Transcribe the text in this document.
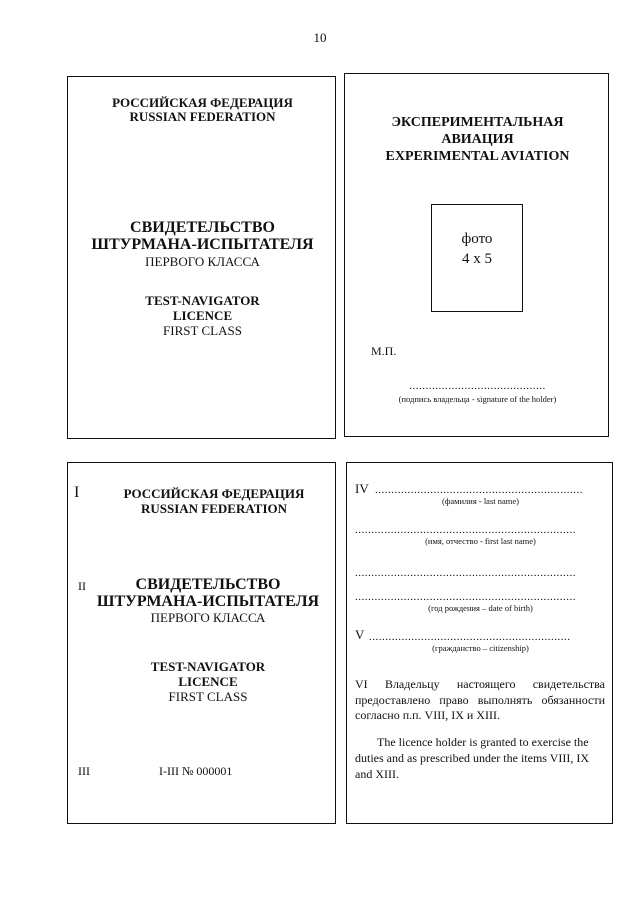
10
РОССИЙСКАЯ ФЕДЕРАЦИЯ
RUSSIAN FEDERATION
СВИДЕТЕЛЬСТВО
ШТУРМАНА-ИСПЫТАТЕЛЯ
ПЕРВОГО КЛАССА
TEST-NAVIGATOR
LICENCE
FIRST CLASS
ЭКСПЕРИМЕНТАЛЬНАЯ
АВИАЦИЯ
EXPERIMENTAL AVIATION
фото
4 x 5
М.П.
..........................................
(подпись владельца - signature of the holder)
I	РОССИЙСКАЯ ФЕДЕРАЦИЯ
RUSSIAN FEDERATION
II	СВИДЕТЕЛЬСТВО
ШТУРМАНА-ИСПЫТАТЕЛЯ
ПЕРВОГО КЛАССА
TEST-NAVIGATOR
LICENCE
FIRST CLASS
III	I-III № 000001
IV ................................................................
(фамилия - last name)
....................................................................
(имя, отчество - first last name)
....................................................................
....................................................................
(год рождения – date of birth)
V ..............................................................
(гражданство – citizenship)
VI Владельцу настоящего свидетельства
предоставлено право выполнять обязанности
согласно п.п. VIII, IX и XIII.
The licence holder is granted to exercise the
duties and as prescribed under the items VIII, IX
and XIII.
